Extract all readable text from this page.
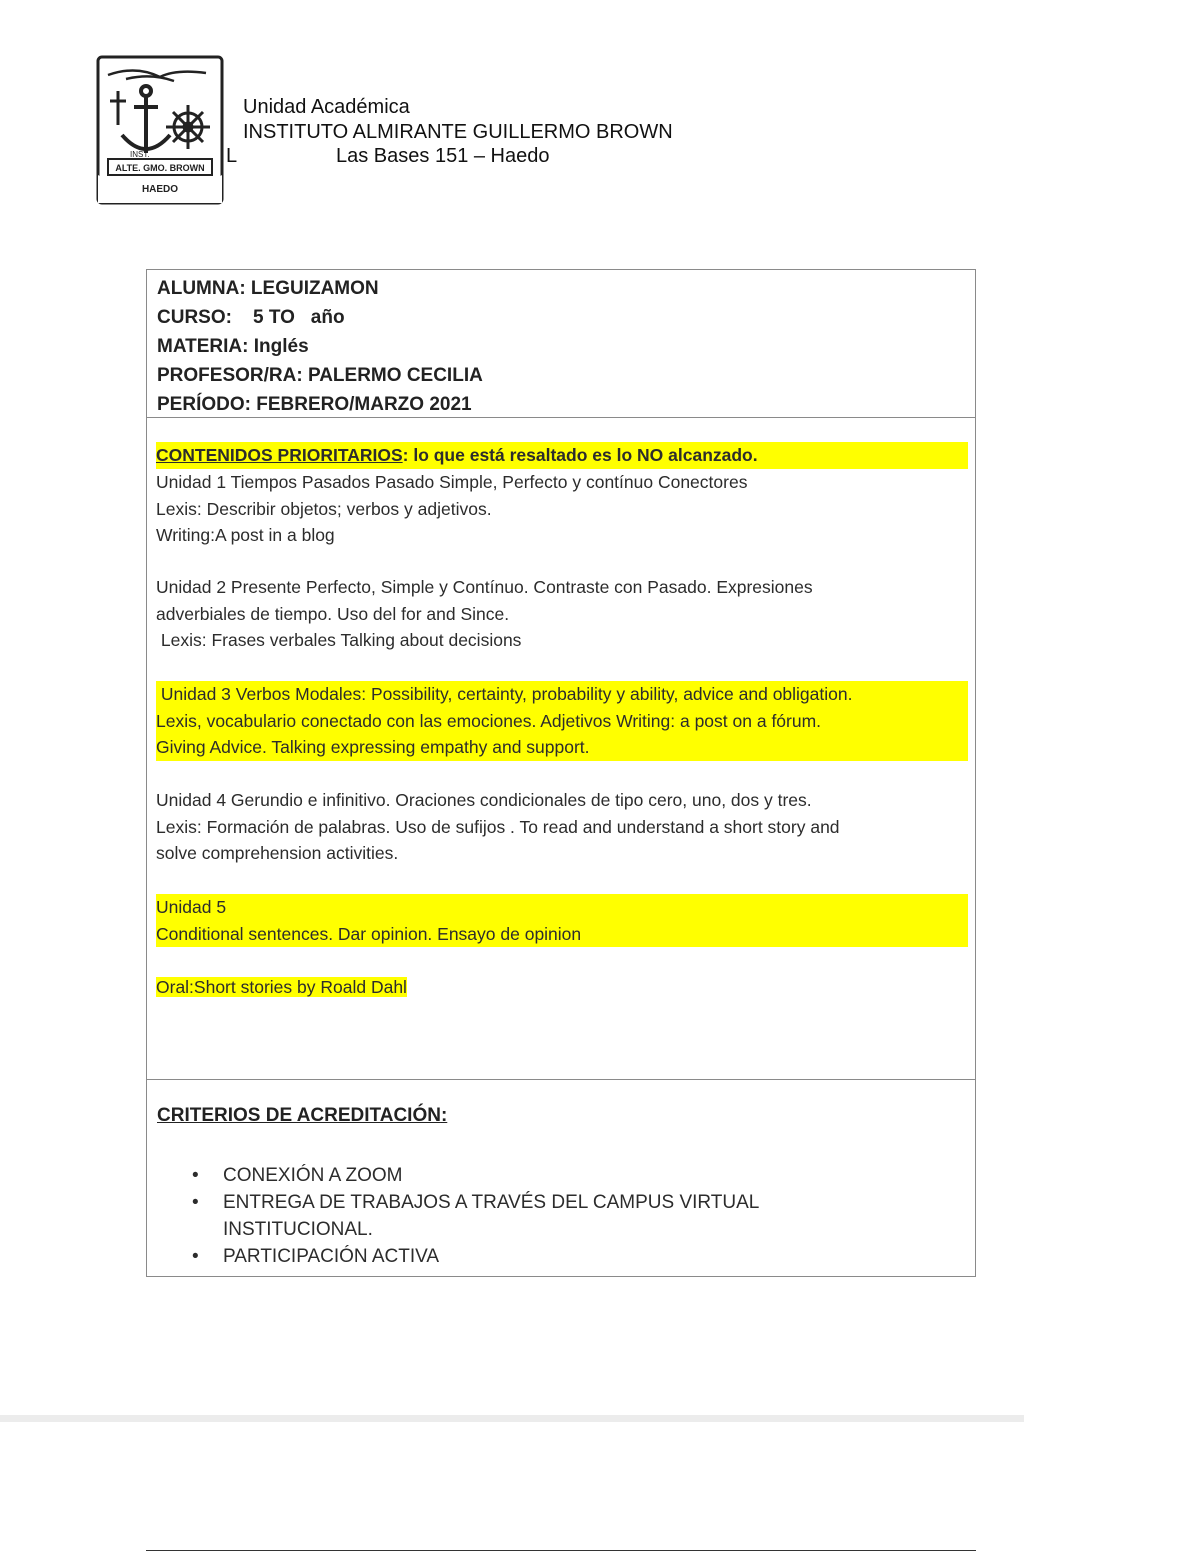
INST.
ALTE. GMO. BROWN
HAEDO
Unidad Académica
INSTITUTO ALMIRANTE GUILLERMO BROWN
L	Las Bases 151 – Haedo
ALUMNA: LEGUIZAMON
CURSO:    5 TO   año
MATERIA: Inglés
PROFESOR/RA: PALERMO CECILIA
PERÍODO: FEBRERO/MARZO 2021
CONTENIDOS PRIORITARIOS: lo que está resaltado es lo NO alcanzado.
Unidad 1 Tiempos Pasados Pasado Simple, Perfecto y contínuo Conectores
Lexis: Describir objetos; verbos y adjetivos.
Writing:A post in a blog
Unidad 2 Presente Perfecto, Simple y Contínuo. Contraste con Pasado. Expresiones
adverbiales de tiempo. Uso del for and Since.
Lexis: Frases verbales Talking about decisions
Unidad 3 Verbos Modales: Possibility, certainty, probability y ability, advice and obligation.
Lexis, vocabulario conectado con las emociones. Adjetivos Writing: a post on a fórum.
Giving Advice. Talking expressing empathy and support.
Unidad 4 Gerundio e infinitivo. Oraciones condicionales de tipo cero, uno, dos y tres.
Lexis: Formación de palabras. Uso de sufijos . To read and understand a short story and
solve comprehension activities.
Unidad 5
Conditional sentences. Dar opinion. Ensayo de opinion
Oral:Short stories by Roald Dahl
CRITERIOS DE ACREDITACIÓN:
• CONEXIÓN A ZOOM
• ENTREGA DE TRABAJOS A TRAVÉS DEL CAMPUS VIRTUAL
INSTITUCIONAL.
• PARTICIPACIÓN ACTIVA
